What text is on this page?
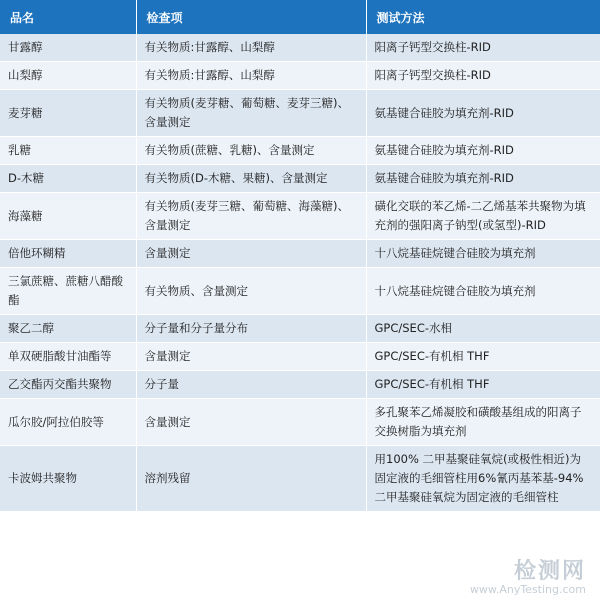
品名	检查项	测试方法
甘露醇	有关物质:甘露醇、山梨醇	阳离子钙型交换柱-RID
山梨醇	有关物质:甘露醇、山梨醇	阳离子钙型交换柱-RID
麦芽糖	有关物质(麦芽糖、葡萄糖、麦芽三糖)、含量测定	氨基键合硅胶为填充剂-RID
乳糖	有关物质(蔗糖、乳糖)、含量测定	氨基键合硅胶为填充剂-RID
D-木糖	有关物质(D-木糖、果糖)、含量测定	氨基键合硅胶为填充剂-RID
海藻糖	有关物质(麦芽三糖、葡萄糖、海藻糖)、含量测定	磺化交联的苯乙烯-二乙烯基苯共聚物为填充剂的强阳离子钠型(或氢型)-RID
倍他环糊精	含量测定	十八烷基硅烷键合硅胶为填充剂
三氯蔗糖、蔗糖八醋酸酯	有关物质、含量测定	十八烷基硅烷键合硅胶为填充剂
聚乙二醇	分子量和分子量分布	GPC/SEC-水相
单双硬脂酸甘油酯等	含量测定	GPC/SEC-有机相 THF
乙交酯丙交酯共聚物	分子量	GPC/SEC-有机相 THF
瓜尔胶/阿拉伯胶等	含量测定	多孔聚苯乙烯凝胶和磺酸基组成的阳离子交换树脂为填充剂
卡波姆共聚物	溶剂残留	用100% 二甲基聚硅氧烷(或极性相近)为固定液的毛细管柱用6%氰丙基苯基-94%二甲基聚硅氧烷为固定液的毛细管柱
检测网
www.AnyTesting.com
